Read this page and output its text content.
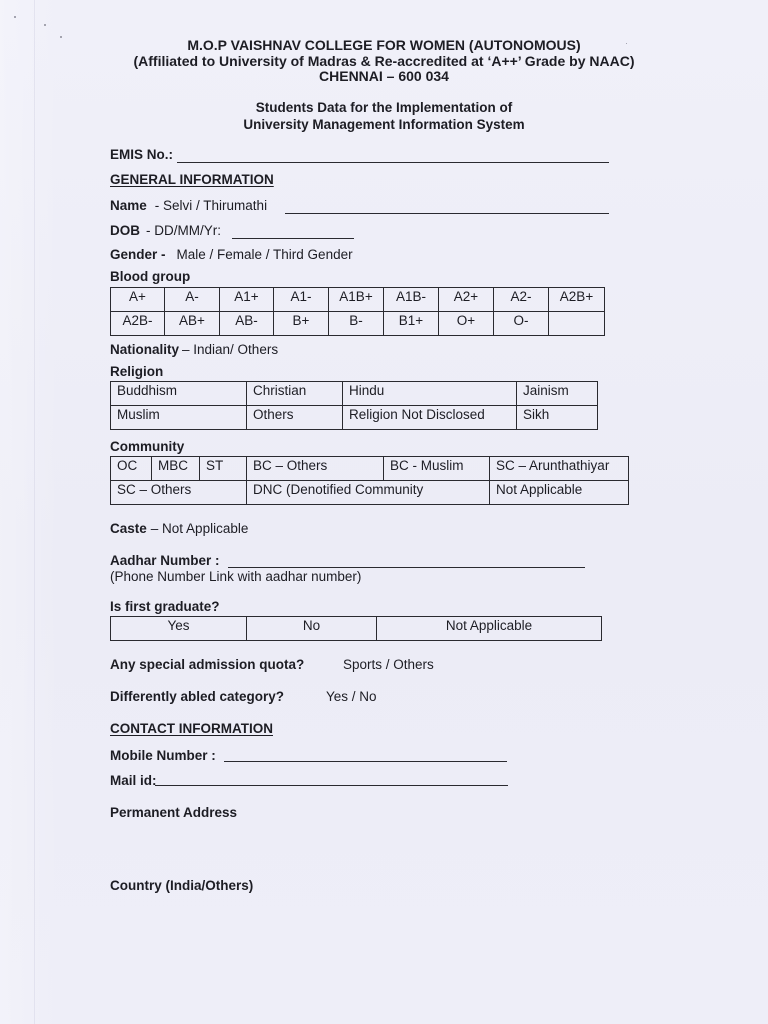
M.O.P VAISHNAV COLLEGE FOR WOMEN (AUTONOMOUS)
(Affiliated to University of Madras & Re-accredited at ‘A++’ Grade by NAAC)
CHENNAI – 600 034
Students Data for the Implementation of
University Management Information System
EMIS No.:
GENERAL INFORMATION
Name - Selvi / Thirumathi
DOB - DD/MM/Yr:
Gender - Male / Female / Third Gender
Blood group
A+	A-	A1+	A1-	A1B+	A1B-	A2+	A2-	A2B+
A2B-	AB+	AB-	B+	B-	B1+	O+	O-	
Nationality – Indian/ Others
Religion
Buddhism	Christian	Hindu	Jainism
Muslim	Others	Religion Not Disclosed	Sikh
Community
OC	MBC	ST	BC – Others	BC - Muslim	SC – Arunthathiyar
SC – Others			DNC (Denotified Community		Not Applicable
Caste – Not Applicable
Aadhar Number :
(Phone Number Link with aadhar number)
Is first graduate?
Yes	No	Not Applicable
Any special admission quota?	Sports / Others
Differently abled category?	Yes / No
CONTACT INFORMATION
Mobile Number :
Mail id:
Permanent Address
Country (India/Others)
